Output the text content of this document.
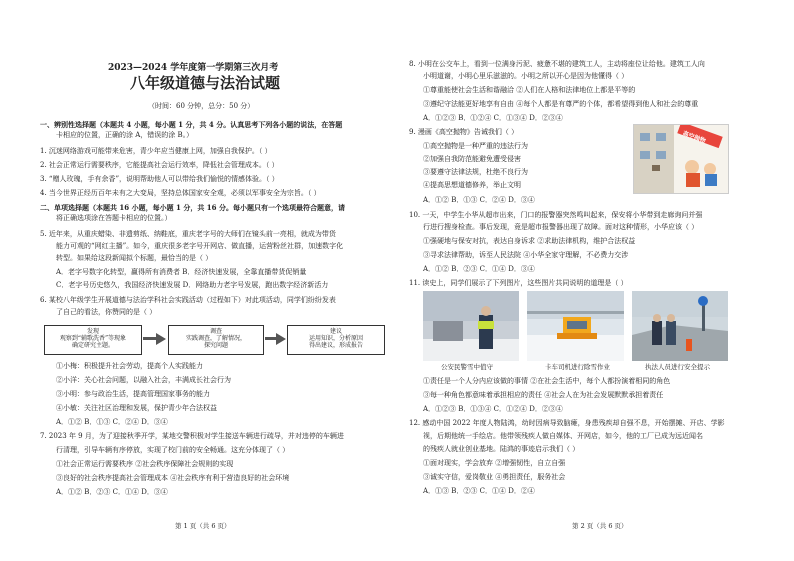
2023—2024 学年度第一学期第三次月考
八年级道德与法治试题
（时间：60 分钟，总分：50 分）
一、辨别性选择题（本题共 4 小题，每小题 1 分，共 4 分。认真思考下列各小题的说法，在答题
卡相应的位置，正确的涂 A，错误的涂 B。）
1. 沉迷网络游戏可能带来危害，青少年应当健康上网，加强自我保护。（ ）
2. 社会正常运行需要秩序，它能提高社会运行效率，降低社会管理成本。（ ）
3. “赠人玫瑰，手有余香”，说明帮助他人可以带给我们愉悦的情感体验。（ ）
4. 当今世界正经历百年未有之大变局，坚持总体国家安全观，必须以军事安全为宗旨。（ ）
二、单项选择题（本题共 16 小题，每小题 1 分，共 16 分。每小题只有一个选项最符合题意，请
将正确选项涂在答题卡相应的位置。）
5. 近年来，从重庆蜡染、非遗剪纸、纳鞋底，重庆老字号的大师们在镜头前一亮相，就成为带货
能力可观的“网红主播”。如今，重庆很多老字号开网店、做直播，运营粉丝社群，加速数字化
转型。如果给这段新闻拟个标题，最恰当的是（ ）
A．老字号数字化转型，赢得所有消费者 B．经济快速发展，全靠直播带货促销量
C．老字号历史悠久，我国经济快速发展 D．网络助力老字号发展，跑出数字经济新活力
6. 某校八年级学生开展道德与法治学科社会实践活动（过程如下）对此项活动，同学们纷纷发表
了自己的看法，你赞同的是（ ）
发现
观察到“辅歌洗香”等现象
确定研究主题。
调查
实践调查，了解情况，
探究问题
建议
运用知识，分析原因
得出建议，形成报告
①小梅：积极提升社会劳动，提高个人实践能力
②小洋：关心社会问题，以融入社会，丰满成长社会行为
③小明：参与政治生活，提高管理国家事务的能力
④小敏：关注社区治理和发展，保护青少年合法权益
A．①② B．①③ C．②④ D．③④
7. 2023 年 9 月，为了迎接秋季开学，某地交警积极对学生接送车辆进行疏导，并对违停的车辆进
行清理，引导车辆有序停放，实现了校门前的安全畅通。这充分体现了（ ）
①社会正常运行需要秩序 ②社会秩序保障社会规则的实现
③良好的社会秩序提高社会管理成本 ④社会秩序有利于营造良好的社会环境
A．①② B．②③ C．①④ D．③④
第 1 页（共 6 页）
8. 小明在公交车上，看到一位满身污泥、疲惫不堪的建筑工人，主动将座位让给他。建筑工人向
小明道谢，小明心里乐滋滋的。小明之所以开心是因为他懂得（ ）
①尊重能使社会生活和谐融洽 ②人们在人格和法律地位上都是平等的
③遵纪守法能更好地享有自由 ④每个人都是有尊严的个体，都希望得到他人和社会的尊重
A．①②③ B．①②④ C．①③④ D．②③④
9. 漫画《高空抛物》告诫我们（ ）
①高空抛物是一种严重的违法行为
②加强自我防范能避免遭受侵害
③要遵守法律法规，杜绝不良行为
④提高思想道德修养，举止文明
A．①② B．①③ C．②④ D．③④
高空抛物
10. 一天，中学生小华从超市出来，门口的报警器突然鸣叫起来，保安将小华带到走廊询问并强
行进行搜身检查。事后发现，竟是超市报警器出现了故障。面对这种情形，小华应该（ ）
①强硬地与保安对抗，表达自身诉求 ②求助法律机构，维护合法权益
③寻求法律帮助，诉至人民法院 ④小华全家守理解，不必费力交涉
A．①② B．②③ C．①④ D．③④
11. 读史上，同学们展示了下列图片，这些图片共同说明的道理是（ ）
公安民警雪中值守	卡车司机进行除雪作业	执法人员进行安全提示
①责任是一个人分内应该做的事情 ②在社会生活中，每个人都扮演着相同的角色
③每一种角色都意味着承担相应的责任 ④社会人在为社会发展默默承担着责任
A．①②③ B．①③④ C．①②④ D．②③④
12. 感动中国 2022 年度人物陆鸿，幼时因病导致脑瘫，身患残疾却自强不息，开始摆摊、开店、学影
视，后期他统一手绘店。他带领残疾人做自媒体、开网店，如今，他的工厂已成为远近闻名
的残疾人就业创业基地。陆鸿的事迹启示我们（ ）
①面对现实，学会放弃 ②增强韧性，自立自强
③诚实守信，爱岗敬业 ④勇担责任，服务社会
A．①③ B．②③ C．①④ D．②④
第 2 页（共 6 页）
